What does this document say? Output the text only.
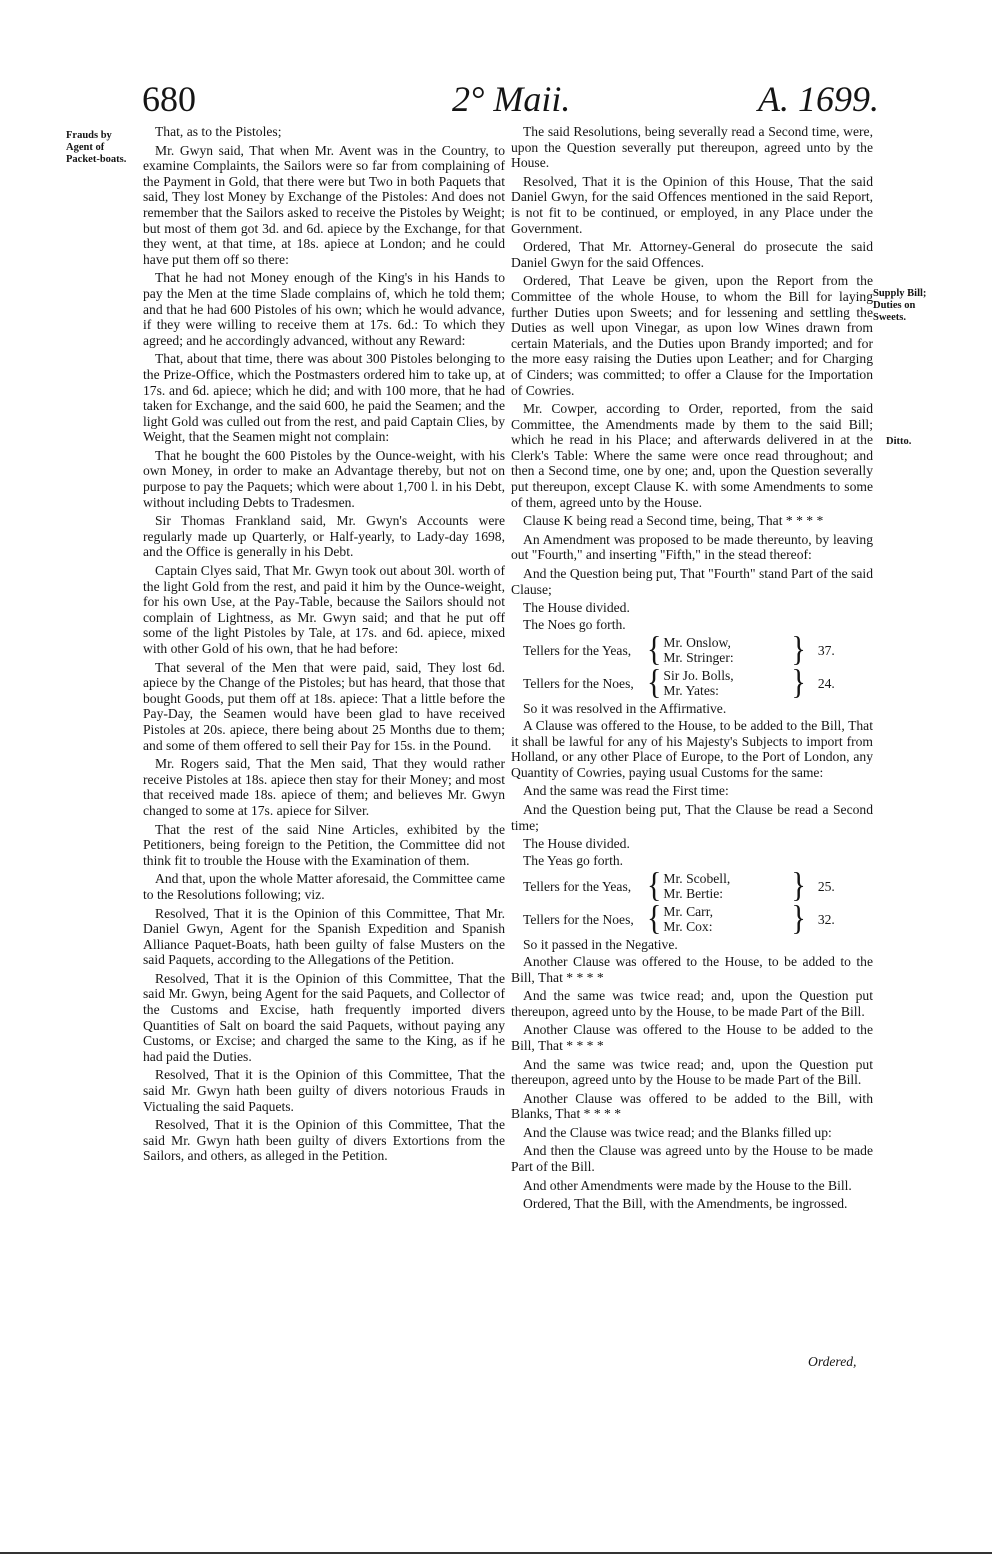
680	2° Maii.	A. 1699.
Frauds by Agent of Packet-boats.
Supply Bill; Duties on Sweets.
Ditto.

That, as to the Pistoles;

Mr. Gwyn said, That when Mr. Avent was in the Country, to examine Complaints, the Sailors were so far from complaining of the Payment in Gold, that there were but Two in both Paquets that said, They lost Money by Exchange of the Pistoles: And does not remember that the Sailors asked to receive the Pistoles by Weight; but most of them got 3d. and 6d. apiece by the Exchange, for that they went, at that time, at 18s. apiece at London; and he could have put them off so there:

That he had not Money enough of the King's in his Hands to pay the Men at the time Slade complains of, which he told them; and that he had 600 Pistoles of his own; which he would advance, if they were willing to receive them at 17s. 6d.: To which they agreed; and he accordingly advanced, without any Reward:

That, about that time, there was about 300 Pistoles belonging to the Prize-Office, which the Postmasters ordered him to take up, at 17s. and 6d. apiece; which he did; and with 100 more, that he had taken for Exchange, and the said 600, he paid the Seamen; and the light Gold was culled out from the rest, and paid Captain Clies, by Weight, that the Seamen might not complain:

That he bought the 600 Pistoles by the Ounce-weight, with his own Money, in order to make an Advantage thereby, but not on purpose to pay the Paquets; which were about 1,700 l. in his Debt, without including Debts to Tradesmen.

Sir Thomas Frankland said, Mr. Gwyn's Accounts were regularly made up Quarterly, or Half-yearly, to Lady-day 1698, and the Office is generally in his Debt.

Captain Clyes said, That Mr. Gwyn took out about 30l. worth of the light Gold from the rest, and paid it him by the Ounce-weight, for his own Use, at the Pay-Table, because the Sailors should not complain of Lightness, as Mr. Gwyn said; and that he put off some of the light Pistoles by Tale, at 17s. and 6d. apiece, mixed with other Gold of his own, that he had before:

That several of the Men that were paid, said, They lost 6d. apiece by the Change of the Pistoles; but has heard, that those that bought Goods, put them off at 18s. apiece: That a little before the Pay-Day, the Seamen would have been glad to have received Pistoles at 20s. apiece, there being about 25 Months due to them; and some of them offered to sell their Pay for 15s. in the Pound.

Mr. Rogers said, That the Men said, That they would rather receive Pistoles at 18s. apiece then stay for their Money; and most that received made 18s. apiece of them; and believes Mr. Gwyn changed to some at 17s. apiece for Silver.

That the rest of the said Nine Articles, exhibited by the Petitioners, being foreign to the Petition, the Committee did not think fit to trouble the House with the Examination of them.

And that, upon the whole Matter aforesaid, the Committee came to the Resolutions following; viz.

Resolved, That it is the Opinion of this Committee, That Mr. Daniel Gwyn, Agent for the Spanish Expedition and Spanish Alliance Paquet-Boats, hath been guilty of false Musters on the said Paquets, according to the Allegations of the Petition.

Resolved, That it is the Opinion of this Committee, That the said Mr. Gwyn, being Agent for the said Paquets, and Collector of the Customs and Excise, hath frequently imported divers Quantities of Salt on board the said Paquets, without paying any Customs, or Excise; and charged the same to the King, as if he had paid the Duties.

Resolved, That it is the Opinion of this Committee, That the said Mr. Gwyn hath been guilty of divers notorious Frauds in Victualing the said Paquets.

Resolved, That it is the Opinion of this Committee, That the said Mr. Gwyn hath been guilty of divers Extortions from the Sailors, and others, as alleged in the Petition.

The said Resolutions, being severally read a Second time, were, upon the Question severally put thereupon, agreed unto by the House.

Resolved, That it is the Opinion of this House, That the said Daniel Gwyn, for the said Offences mentioned in the said Report, is not fit to be continued, or employed, in any Place under the Government.

Ordered, That Mr. Attorney-General do prosecute the said Daniel Gwyn for the said Offences.

Ordered, That Leave be given, upon the Report from the Committee of the whole House, to whom the Bill for laying further Duties upon Sweets; and for lessening and settling the Duties as well upon Vinegar, as upon low Wines drawn from certain Materials, and the Duties upon Brandy imported; and for the more easy raising the Duties upon Leather; and for Charging of Cinders; was committed; to offer a Clause for the Importation of Cowries.

Mr. Cowper, according to Order, reported, from the said Committee, the Amendments made by them to the said Bill; which he read in his Place; and afterwards delivered in at the Clerk's Table: Where the same were once read throughout; and then a Second time, one by one; and, upon the Question severally put thereupon, except Clause K. with some Amendments to some of them, agreed unto by the House.

Clause K being read a Second time, being, That * * * *

An Amendment was proposed to be made thereunto, by leaving out "Fourth," and inserting "Fifth," in the stead thereof:

And the Question being put, That "Fourth" stand Part of the said Clause;

The House divided.

The Noes go forth.

Tellers for the Yeas, { Mr. Onslow,
Mr. Stringer:	} 37.
Tellers for the Noes, { Sir Jo. Bolls,
Mr. Yates:	} 24.

So it was resolved in the Affirmative.

A Clause was offered to the House, to be added to the Bill, That it shall be lawful for any of his Majesty's Subjects to import from Holland, or any other Place of Europe, to the Port of London, any Quantity of Cowries, paying usual Customs for the same:

And the same was read the First time:

And the Question being put, That the Clause be read a Second time;

The House divided.

The Yeas go forth.

Tellers for the Yeas, { Mr. Scobell,
Mr. Bertie:	} 25.
Tellers for the Noes, { Mr. Carr,
Mr. Cox:	} 32.

So it passed in the Negative.

Another Clause was offered to the House, to be added to the Bill, That * * * *

And the same was twice read; and, upon the Question put thereupon, agreed unto by the House, to be made Part of the Bill.

Another Clause was offered to the House to be added to the Bill, That * * * *

And the same was twice read; and, upon the Question put thereupon, agreed unto by the House to be made Part of the Bill.

Another Clause was offered to be added to the Bill, with Blanks, That * * * *

And the Clause was twice read; and the Blanks filled up:

And then the Clause was agreed unto by the House to be made Part of the Bill.

And other Amendments were made by the House to the Bill.

Ordered, That the Bill, with the Amendments, be ingrossed.

Ordered,
